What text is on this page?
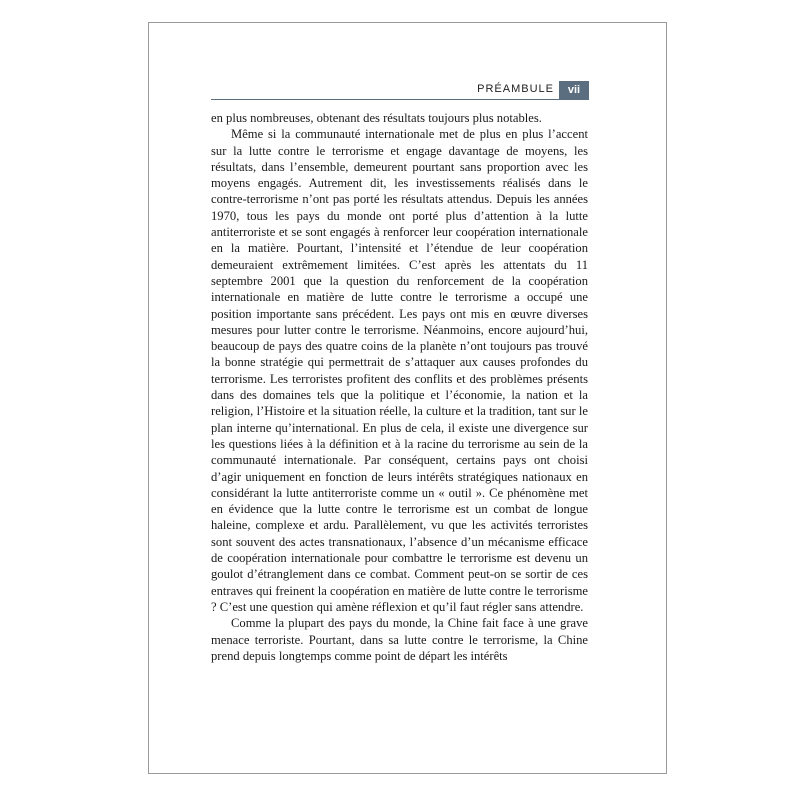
PRÉAMBULE	vii

en plus nombreuses, obtenant des résultats toujours plus notables.

Même si la communauté internationale met de plus en plus l’accent sur la lutte contre le terrorisme et engage davantage de moyens, les résultats, dans l’ensemble, demeurent pourtant sans proportion avec les moyens engagés. Autrement dit, les investissements réalisés dans le contre-terrorisme n’ont pas porté les résultats attendus. Depuis les années 1970, tous les pays du monde ont porté plus d’attention à la lutte antiterroriste et se sont engagés à renforcer leur coopération internationale en la matière. Pourtant, l’intensité et l’étendue de leur coopération demeuraient extrêmement limitées. C’est après les attentats du 11 septembre 2001 que la question du renforcement de la coopération internationale en matière de lutte contre le terrorisme a occupé une position importante sans précédent. Les pays ont mis en œuvre diverses mesures pour lutter contre le terrorisme. Néanmoins, encore aujourd’hui, beaucoup de pays des quatre coins de la planète n’ont toujours pas trouvé la bonne stratégie qui permettrait de s’attaquer aux causes profondes du terrorisme. Les terroristes profitent des conflits et des problèmes présents dans des domaines tels que la politique et l’économie, la nation et la religion, l’Histoire et la situation réelle, la culture et la tradition, tant sur le plan interne qu’international. En plus de cela, il existe une divergence sur les questions liées à la définition et à la racine du terrorisme au sein de la communauté internationale. Par conséquent, certains pays ont choisi d’agir uniquement en fonction de leurs intérêts stratégiques nationaux en considérant la lutte antiterroriste comme un « outil ». Ce phénomène met en évidence que la lutte contre le terrorisme est un combat de longue haleine, complexe et ardu. Parallèlement, vu que les activités terroristes sont souvent des actes transnationaux, l’absence d’un mécanisme efficace de coopération internationale pour combattre le terrorisme est devenu un goulot d’étranglement dans ce combat. Comment peut-on se sortir de ces entraves qui freinent la coopération en matière de lutte contre le terrorisme ? C’est une question qui amène réflexion et qu’il faut régler sans attendre.

Comme la plupart des pays du monde, la Chine fait face à une grave menace terroriste. Pourtant, dans sa lutte contre le terrorisme, la Chine prend depuis longtemps comme point de départ les intérêts
